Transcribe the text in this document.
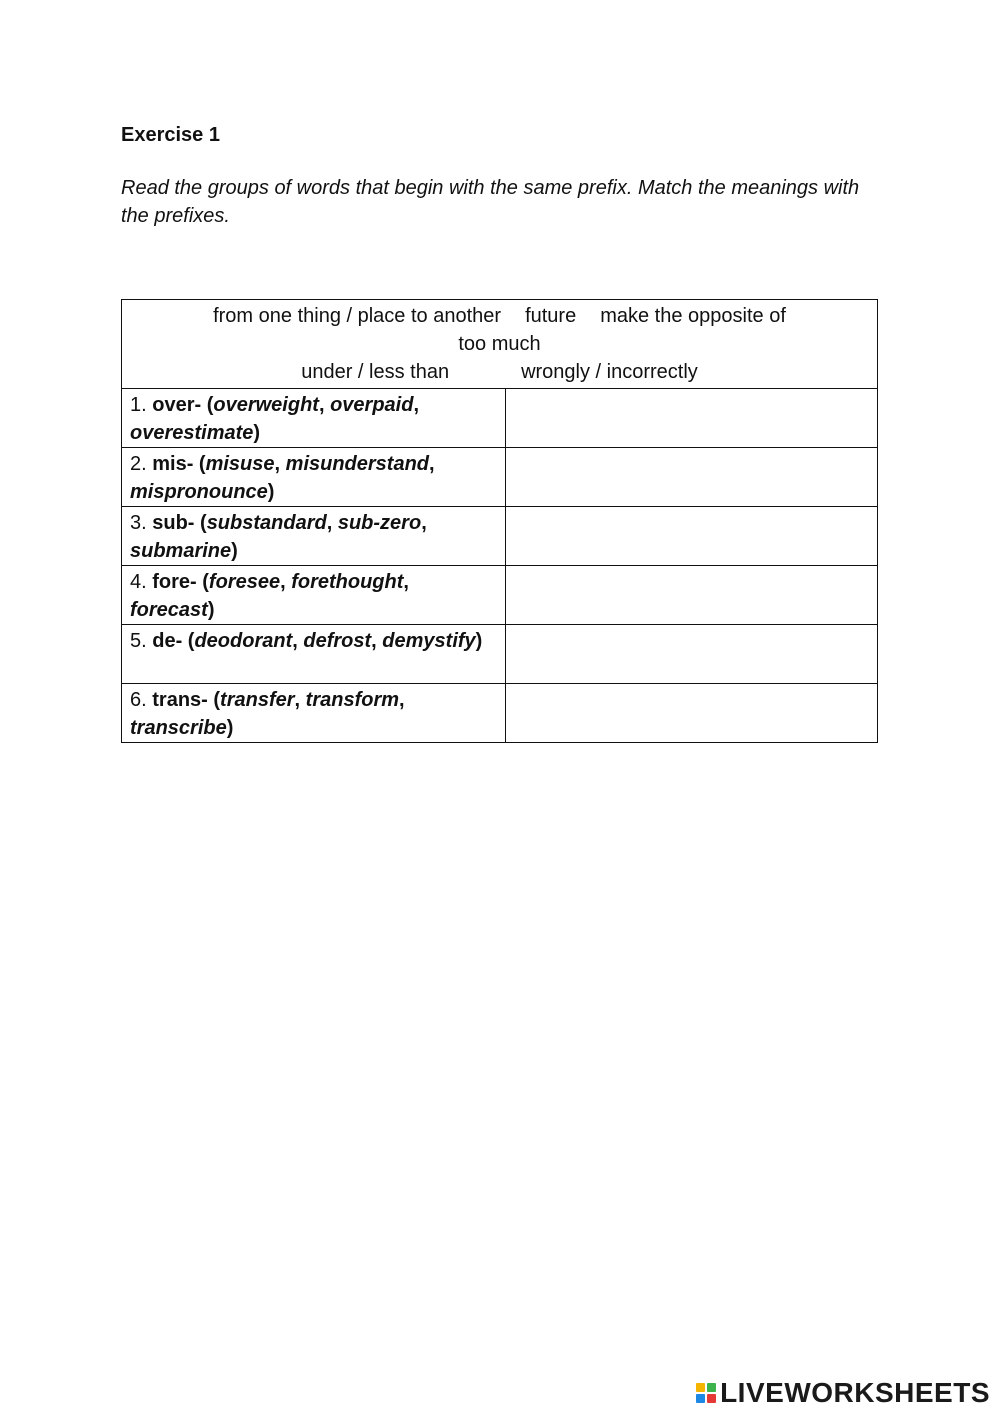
Exercise 1
Read the groups of words that begin with the same prefix. Match the meanings with the prefixes.
from one thing / place to another future make the opposite of
too much
under / less than wrongly / incorrectly	

1. over- (overweight, overpaid, overestimate)	
2. mis- (misuse, misunderstand, mispronounce)	
3. sub- (substandard, sub-zero, submarine)	
4. fore- (foresee, forethought, forecast)	
5. de- (deodorant, defrost, demystify)	
6. trans- (transfer, transform, transcribe)	
LIVEWORKSHEETS
